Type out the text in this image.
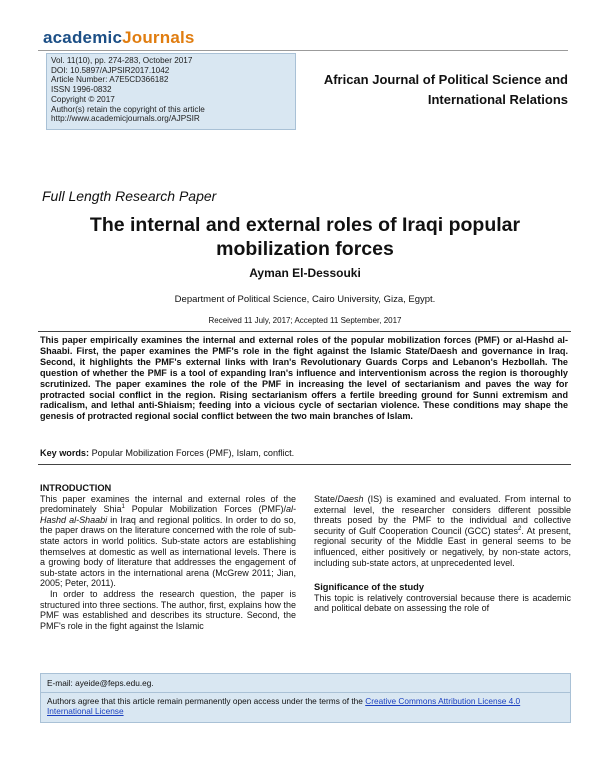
academicJournals
Vol. 11(10), pp. 274-283, October 2017
DOI: 10.5897/AJPSIR2017.1042
Article Number: A7E5CD366182
ISSN 1996-0832
Copyright © 2017
Author(s) retain the copyright of this article
http://www.academicjournals.org/AJPSIR
African Journal of Political Science and
International Relations
Full Length Research Paper
The internal and external roles of Iraqi popular
mobilization forces
Ayman El-Dessouki
Department of Political Science, Cairo University, Giza, Egypt.
Received 11 July, 2017; Accepted 11 September, 2017
This paper empirically examines the internal and external roles of the popular mobilization forces (PMF) or al-Hashd al-Shaabi. First, the paper examines the PMF's role in the fight against the Islamic State/Daesh and governance in Iraq. Second, it highlights the PMF's external links with Iran's Revolutionary Guards Corps and Lebanon's Hezbollah. The question of whether the PMF is a tool of expanding Iran's influence and interventionism across the region is thoroughly scrutinized. The paper examines the role of the PMF in increasing the level of sectarianism and paves the way for protracted social conflict in the region. Rising sectarianism offers a fertile breeding ground for Sunni extremism and radicalism, and lethal anti-Shiaism; feeding into a vicious cycle of sectarian violence. These conditions may shape the genesis of protracted regional social conflict between the two main branches of Islam.
Key words: Popular Mobilization Forces (PMF), Islam, conflict.

INTRODUCTION

This paper examines the internal and external roles of the predominately Shia$^1$ Popular Mobilization Forces (PMF)/al-Hashd al-Shaabi in Iraq and regional politics. In order to do so, the paper draws on the literature concerned with the role of sub-state actors in world politics. Sub-state actors are establishing themselves at domestic as well as international levels. There is a growing body of literature that addresses the engagement of sub-state actors in the international arena (McGrew 2011; Jian, 2005; Peter, 2011).

In order to address the research question, the paper is structured into three sections. The author, first, explains how the PMF was established and describes its structure. Second, the PMF's role in the fight against the Islamic

State/Daesh (IS) is examined and evaluated. From internal to external level, the researcher considers different possible threats posed by the PMF to the individual and collective security of Gulf Cooperation Council (GCC) states$^2$. At present, regional security of the Middle East in general seems to be influenced, either positively or negatively, by non-state actors, including sub-state actors, at unprecedented level.

Significance of the study

This topic is relatively controversial because there is academic and political debate on assessing the role of

E-mail: ayeide@feps.edu.eg.
Authors agree that this article remain permanently open access under the terms of the Creative Commons Attribution License 4.0 International License
